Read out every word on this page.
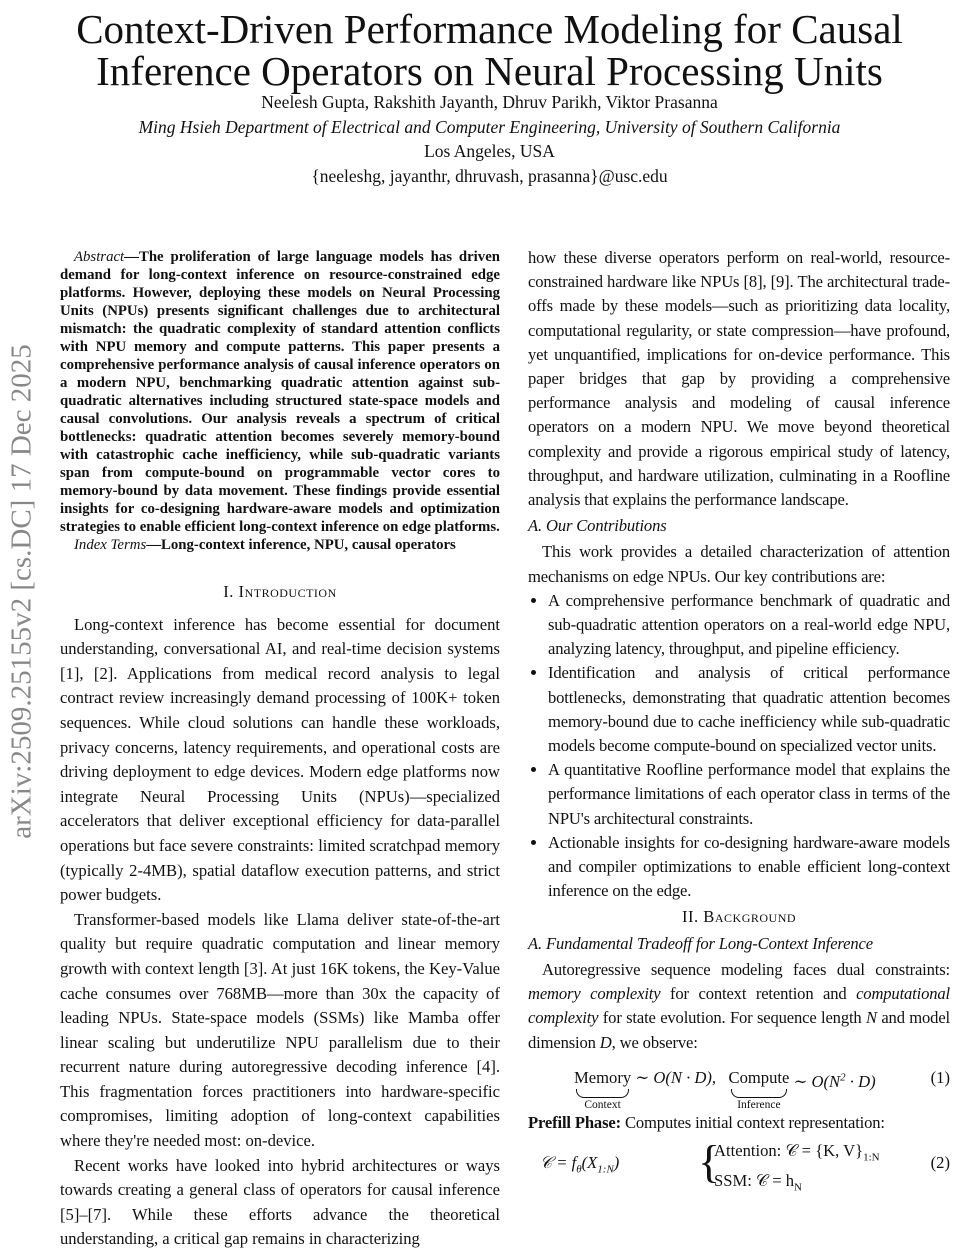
Context-Driven Performance Modeling for Causal
Inference Operators on Neural Processing Units
Neelesh Gupta, Rakshith Jayanth, Dhruv Parikh, Viktor Prasanna
Ming Hsieh Department of Electrical and Computer Engineering, University of Southern California
Los Angeles, USA
{neeleshg, jayanthr, dhruvash, prasanna}@usc.edu
arXiv:2509.25155v2 [cs.DC] 17 Dec 2025

Abstract—The proliferation of large language models has driven demand for long-context inference on resource-constrained edge platforms. However, deploying these models on Neural Processing Units (NPUs) presents significant challenges due to architectural mismatch: the quadratic complexity of standard attention conflicts with NPU memory and compute patterns. This paper presents a comprehensive performance analysis of causal inference operators on a modern NPU, benchmarking quadratic attention against sub-quadratic alternatives including structured state-space models and causal convolutions. Our analysis reveals a spectrum of critical bottlenecks: quadratic attention becomes severely memory-bound with catastrophic cache inefficiency, while sub-quadratic variants span from compute-bound on programmable vector cores to memory-bound by data movement. These findings provide essential insights for co-designing hardware-aware models and optimization strategies to enable efficient long-context inference on edge platforms.

Index Terms—Long-context inference, NPU, causal operators

I. Introduction

Long-context inference has become essential for document understanding, conversational AI, and real-time decision systems [1], [2]. Applications from medical record analysis to legal contract review increasingly demand processing of 100K+ token sequences. While cloud solutions can handle these workloads, privacy concerns, latency requirements, and operational costs are driving deployment to edge devices. Modern edge platforms now integrate Neural Processing Units (NPUs)—specialized accelerators that deliver exceptional efficiency for data-parallel operations but face severe constraints: limited scratchpad memory (typically 2-4MB), spatial dataflow execution patterns, and strict power budgets.

Transformer-based models like Llama deliver state-of-the-art quality but require quadratic computation and linear memory growth with context length [3]. At just 16K tokens, the Key-Value cache consumes over 768MB—more than 30x the capacity of leading NPUs. State-space models (SSMs) like Mamba offer linear scaling but underutilize NPU parallelism due to their recurrent nature during autoregressive decoding inference [4]. This fragmentation forces practitioners into hardware-specific compromises, limiting adoption of long-context capabilities where they're needed most: on-device.

Recent works have looked into hybrid architectures or ways towards creating a general class of operators for causal inference [5]–[7]. While these efforts advance the theoretical understanding, a critical gap remains in characterizing

how these diverse operators perform on real-world, resource-constrained hardware like NPUs [8], [9]. The architectural trade-offs made by these models—such as prioritizing data locality, computational regularity, or state compression—have profound, yet unquantified, implications for on-device performance. This paper bridges that gap by providing a comprehensive performance analysis and modeling of causal inference operators on a modern NPU. We move beyond theoretical complexity and provide a rigorous empirical study of latency, throughput, and hardware utilization, culminating in a Roofline analysis that explains the performance landscape.

A. Our Contributions

This work provides a detailed characterization of attention mechanisms on edge NPUs. Our key contributions are:

• A comprehensive performance benchmark of quadratic and sub-quadratic attention operators on a real-world edge NPU, analyzing latency, throughput, and pipeline efficiency.
• Identification and analysis of critical performance bottlenecks, demonstrating that quadratic attention becomes memory-bound due to cache inefficiency while sub-quadratic models become compute-bound on specialized vector units.
• A quantitative Roofline performance model that explains the performance limitations of each operator class in terms of the NPU's architectural constraints.
• Actionable insights for co-designing hardware-aware models and compiler optimizations to enable efficient long-context inference on the edge.
II. Background
A. Fundamental Tradeoff for Long-Context Inference

Autoregressive sequence modeling faces dual constraints: memory complexity for context retention and computational complexity for state evolution. For sequence length N and model dimension D, we observe:

Memory
Context
∼ O(N · D), Compute
Inference
∼ $O(N^2 \cdot D)$	(1)

Prefill Phase: Computes initial context representation:

𝒞 = $f_\theta(X_{1:N})$ {
Attention: 𝒞 = {K, $V\}_{1:N}$
SSM: 𝒞 = $h_N$
(2)
